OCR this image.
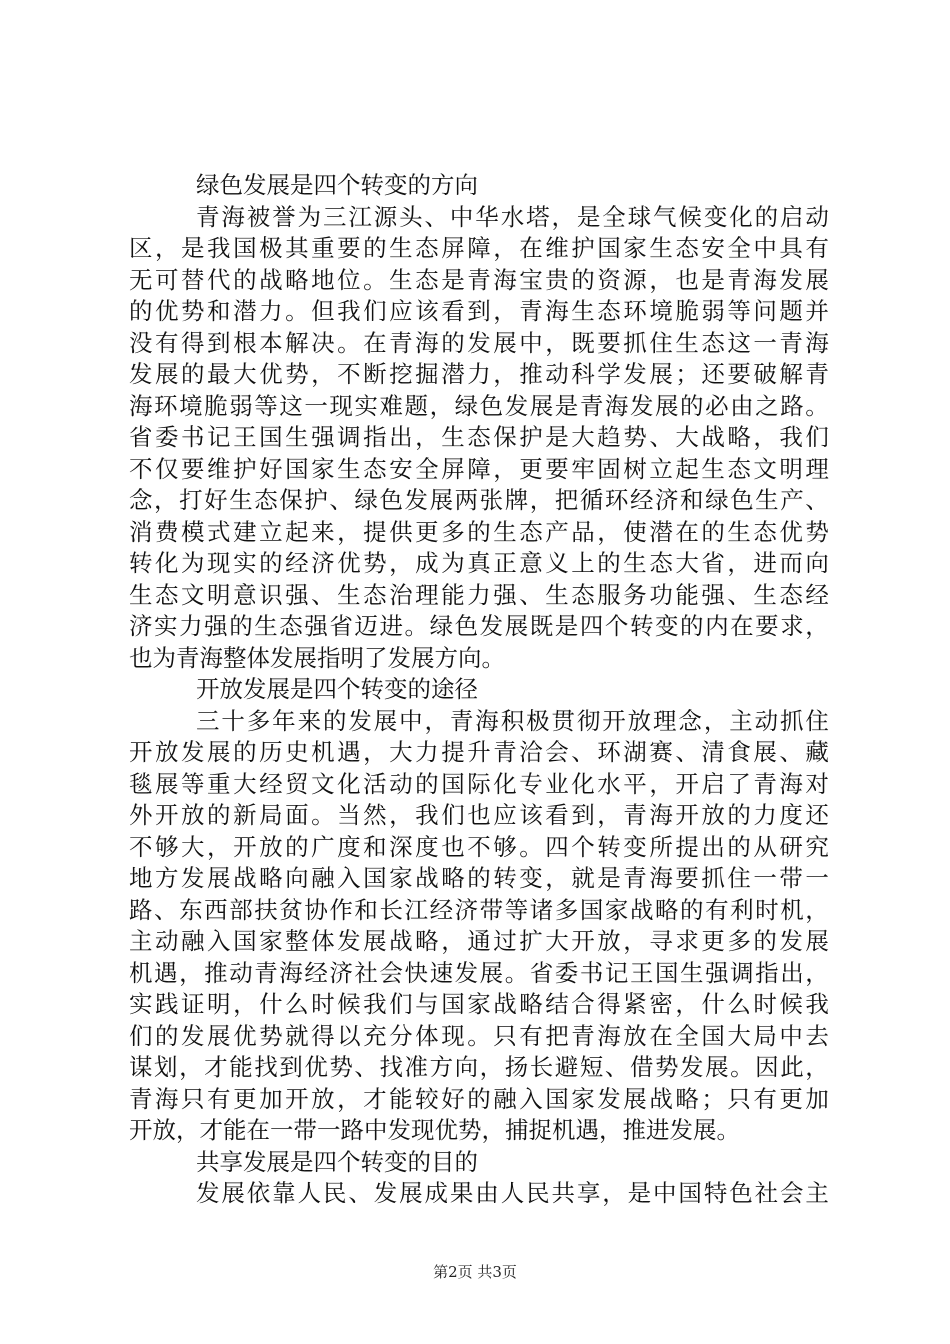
绿色发展是四个转变的方向
青 海 被 誉 为 三 江 源 头 、 中 华 水 塔 ， 是 全 球 气 候 变 化 的 启 动
区 ， 是 我 国 极 其 重 要 的 生 态 屏 障 ， 在 维 护 国 家 生 态 安 全 中 具 有
无 可 替 代 的 战 略 地 位 。 生 态 是 青 海 宝 贵 的 资 源 ， 也 是 青 海 发 展
的 优 势 和 潜 力 。 但 我 们 应 该 看 到 ， 青 海 生 态 环 境 脆 弱 等 问 题 并
没 有 得 到 根 本 解 决 。 在 青 海 的 发 展 中 ， 既 要 抓 住 生 态 这 一 青 海
发 展 的 最 大 优 势 ， 不 断 挖 掘 潜 力 ， 推 动 科 学 发 展 ； 还 要 破 解 青
海 环 境 脆 弱 等 这 一 现 实 难 题 ， 绿 色 发 展 是 青 海 发 展 的 必 由 之 路 。
省 委 书 记 王 国 生 强 调 指 出 ， 生 态 保 护 是 大 趋 势 、 大 战 略 ， 我 们
不 仅 要 维 护 好 国 家 生 态 安 全 屏 障 ， 更 要 牢 固 树 立 起 生 态 文 明 理
念 ， 打 好 生 态 保 护 、 绿 色 发 展 两 张 牌 ， 把 循 环 经 济 和 绿 色 生 产 、
消 费 模 式 建 立 起 来 ， 提 供 更 多 的 生 态 产 品 ， 使 潜 在 的 生 态 优 势
转 化 为 现 实 的 经 济 优 势 ， 成 为 真 正 意 义 上 的 生 态 大 省 ， 进 而 向
生 态 文 明 意 识 强 、 生 态 治 理 能 力 强 、 生 态 服 务 功 能 强 、 生 态 经
济 实 力 强 的 生 态 强 省 迈 进 。 绿 色 发 展 既 是 四 个 转 变 的 内 在 要 求 ，
也为青海整体发展指明了发展方向。
开放发展是四个转变的途径
三 十 多 年 来 的 发 展 中 ， 青 海 积 极 贯 彻 开 放 理 念 ， 主 动 抓 住
开 放 发 展 的 历 史 机 遇 ， 大 力 提 升 青 洽 会 、 环 湖 赛 、 清 食 展 、 藏
毯 展 等 重 大 经 贸 文 化 活 动 的 国 际 化 专 业 化 水 平 ， 开 启 了 青 海 对
外 开 放 的 新 局 面 。 当 然 ， 我 们 也 应 该 看 到 ， 青 海 开 放 的 力 度 还
不 够 大 ， 开 放 的 广 度 和 深 度 也 不 够 。 四 个 转 变 所 提 出 的 从 研 究
地 方 发 展 战 略 向 融 入 国 家 战 略 的 转 变 ， 就 是 青 海 要 抓 住 一 带 一
路 、 东 西 部 扶 贫 协 作 和 长 江 经 济 带 等 诸 多 国 家 战 略 的 有 利 时 机 ，
主 动 融 入 国 家 整 体 发 展 战 略 ， 通 过 扩 大 开 放 ， 寻 求 更 多 的 发 展
机 遇 ， 推 动 青 海 经 济 社 会 快 速 发 展 。 省 委 书 记 王 国 生 强 调 指 出 ，
实 践 证 明 ， 什 么 时 候 我 们 与 国 家 战 略 结 合 得 紧 密 ， 什 么 时 候 我
们 的 发 展 优 势 就 得 以 充 分 体 现 。 只 有 把 青 海 放 在 全 国 大 局 中 去
谋 划 ， 才 能 找 到 优 势 、 找 准 方 向 ， 扬 长 避 短 、 借 势 发 展 。 因 此 ，
青 海 只 有 更 加 开 放 ， 才 能 较 好 的 融 入 国 家 发 展 战 略 ； 只 有 更 加
开放，才能在一带一路中发现优势，捕捉机遇，推进发展。
共享发展是四个转变的目的
发 展 依 靠 人 民 、 发 展 成 果 由 人 民 共 享 ， 是 中 国 特 色 社 会 主
第2页 共3页
